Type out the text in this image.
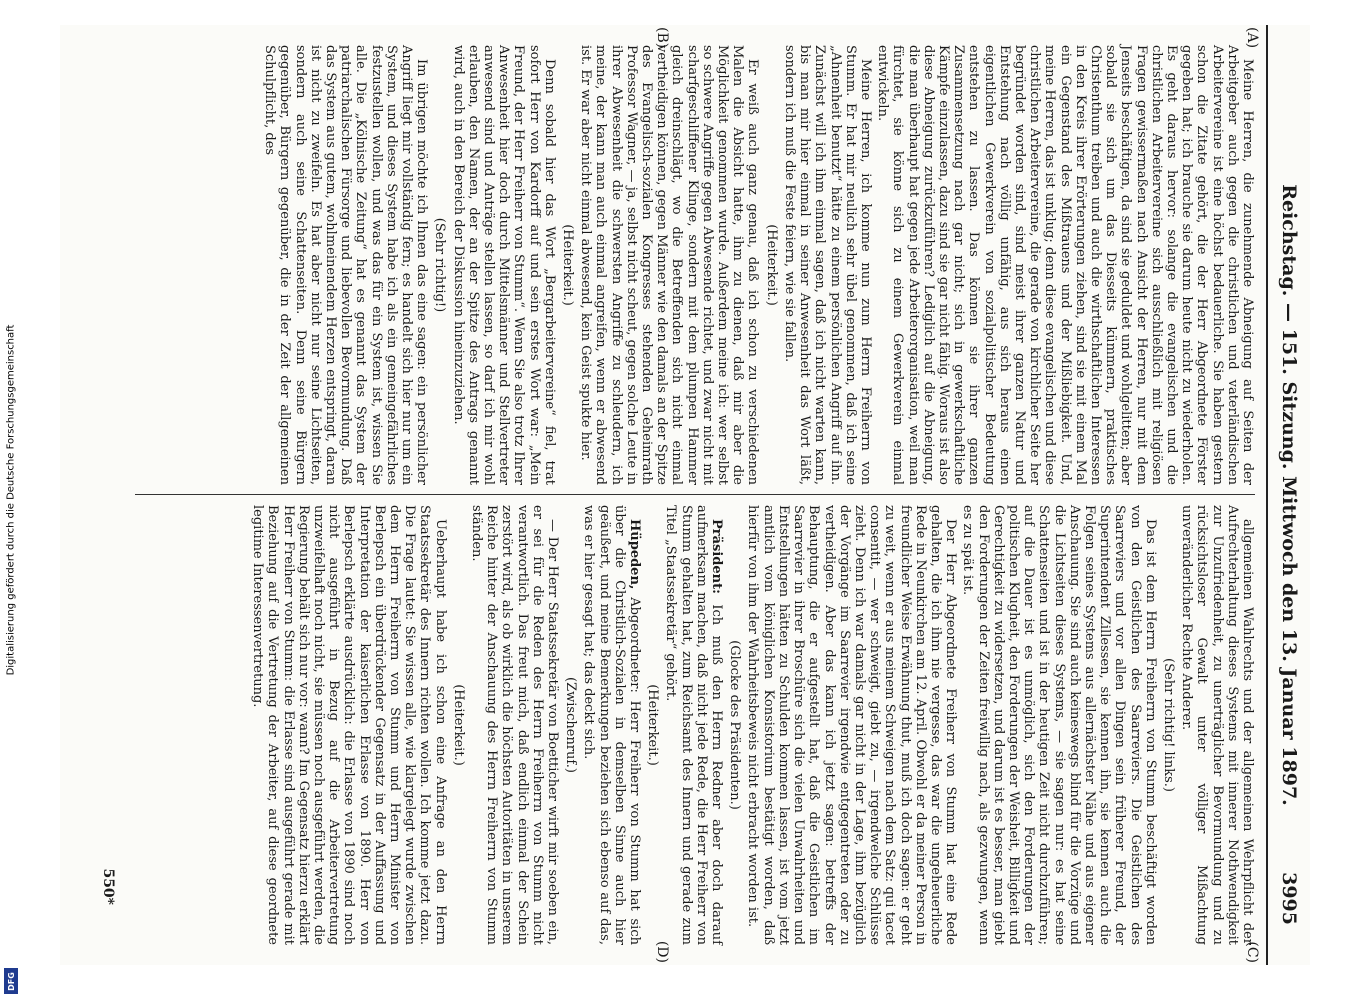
Digitalisierung gefördert durch die Deutsche Forschungsgemeinschaft
DFG
Reichstag. — 151. Sitzung. Mittwoch den 13. Januar 1897.
3995
(A)
(B)
(C)
(D)

Meine Herren, die zunehmende Abneigung auf Seiten der Arbeitgeber auch gegen die christlichen und vaterländischen Arbeitervereine ist eine höchst bedauerliche. Sie haben gestern schon die Zitate gehört, die der Herr Abgeordnete Förster gegeben hat; ich brauche sie darum heute nicht zu wiederholen. Es geht daraus hervor: solange die evangelischen und die christlichen Arbeitervereine sich ausschließlich mit religiösen Fragen gewissermaßen nach Ansicht der Herren, nur mit dem Jenseits beschäftigen, da sind sie geduldet und wohlgelitten; aber sobald sie sich um das Diesseits kümmern, praktisches Christenthum treiben und auch die wirthschaftlichen Interessen in den Kreis ihrer Erörterungen ziehen, sind sie mit einem Mal ein Gegenstand des Mißtrauens und der Mißliebigkeit. Und, meine Herren, das ist unklug; denn diese evangelischen und diese christlichen Arbeitervereine, die gerade von kirchlicher Seite her begründet worden sind, sind meist ihrer ganzen Natur und Entstehung nach völlig unfähig, aus sich heraus einen eigentlichen Gewerkverein von sozialpolitischer Bedeutung entstehen zu lassen. Das können sie ihrer ganzen Zusammensetzung nach gar nicht; sich in gewerkschaftliche Kämpfe einzulassen, dazu sind sie gar nicht fähig. Woraus ist also diese Abneigung zurückzuführen? Lediglich auf die Abneigung, die man überhaupt hat gegen jede Arbeiterorganisation, weil man fürchtet, sie könne sich zu einem Gewerkverein einmal entwickeln.

Meine Herren, ich komme nun zum Herrn Freiherrn von Stumm. Er hat mir neulich sehr übel genommen, daß ich seine „Ahnenheit benutzt“ hätte zu einem persönlichen Angriff auf ihn. Zunächst will ich ihm einmal sagen, daß ich nicht warten kann, bis man mir hier einmal in seiner Anwesenheit das Wort läßt, sondern ich muß die Feste feiern, wie sie fallen.

(Heiterkeit.)

Er weiß auch ganz genau, daß ich schon zu verschiedenen Malen die Absicht hatte, ihm zu dienen, daß mir aber die Möglichkeit genommen wurde. Außerdem meine ich: wer selbst so schwere Angriffe gegen Abwesende richtet, und zwar nicht mit scharfgeschliffener Klinge, sondern mit dem plumpen Hammer gleich dreinschlägt, wo die Betreffenden sich nicht einmal vertheidigen können, gegen Männer wie den damals an der Spitze des Evangelisch-sozialen Kongresses stehenden Geheimrath Professor Wagner, — ja, selbst nicht scheut, gegen solche Leute in ihrer Abwesenheit die schwersten Angriffe zu schleudern, ich meine, der kann man auch einmal angreifen, wenn er abwesend ist. Er war aber nicht einmal abwesend, kein Geist spukte hier.

(Heiterkeit.)

Denn sobald hier das Wort „Bergarbeitervereine“ fiel, trat sofort Herr von Kardorff auf und sein erstes Wort war: „Mein Freund, der Herr Freiherr von Stumm“. Wenn Sie also trotz Ihrer Anwesenheit hier doch durch Mittelsmänner und Stellvertreter anwesend sind und Anträge stellen lassen, so darf ich mir wohl erlauben, den Namen, der an der Spitze des Antrags genannt wird, auch in den Bereich der Diskussion hineinzuziehen.

(Sehr richtig!)

Im übrigen möchte ich Ihnen das eine sagen: ein persönlicher Angriff liegt mir vollständig fern; es handelt sich hier nur um ein System, und dieses System habe ich als ein gemeingefährliches festzustellen wollen, und was das für ein System ist, wissen Sie alle. Die „Kölnische Zeitung“ hat es genannt das System der patriarchalischen Fürsorge und liebevollen Bevormundung. Daß das System aus gutem, wohlmeinendem Herzen entspringt, daran ist nicht zu zweifeln. Es hat aber nicht nur seine Lichtseiten, sondern auch seine Schattenseiten. Denn seine Bürgern gegenüber, Bürgern gegenüber, die in der Zeit der allgemeinen Schulpflicht, des

allgemeinen Wahlrechts und der allgemeinen Wehrpflicht der Aufrechterhaltung dieses Systems mit innerer Nothwendigkeit zur Unzufriedenheit, zu unerträglicher Bevormundung und zu rücksichtsloser Gewalt unter völliger Mißachtung unveränderlicher Rechte Anderer.

(Sehr richtig! links.)

Das ist dem Herrn Freiherrn von Stumm beschäftigt worden von den Geistlichen des Saarreviers. Die Geistlichen des Saarreviers und vor allen Dingen sein früherer Freund, der Superintendent Zillessen, sie kennen ihn, sie kennen auch die Folgen seines Systems aus allernächster Nähe und aus eigener Anschauung. Sie sind auch keineswegs blind für die Vorzüge und die Lichtseiten dieses Systems, — sie sagen nur: es hat seine Schattenseiten und ist in der heutigen Zeit nicht durchzuführen; auf die Dauer ist es unmöglich, sich den Forderungen der politischen Klugheit, den Forderungen der Weisheit, Billigkeit und Gerechtigkeit zu widersetzen, und darum ist es besser, man giebt den Forderungen der Zeiten freiwillig nach, als gezwungen, wenn es zu spät ist.

Der Herr Abgeordnete Freiherr von Stumm hat eine Rede gehalten, die ich ihm nie vergesse, das war die ungeheuerliche Rede in Neunkirchen am 12. April. Obwohl er da meiner Person in freundlicher Weise Erwähnung thut, muß ich doch sagen: er geht zu weit, wenn er aus meinem Schweigen nach dem Satz: qui tacet consentit, — wer schweigt, giebt zu, — irgendwelche Schlüsse zieht. Denn ich war damals gar nicht in der Lage, ihm bezüglich der Vorgänge im Saarrevier irgendwie entgegentreten oder zu vertheidigen. Aber das kann ich jetzt sagen: betreffs der Behauptung, die er aufgestellt hat, daß die Geistlichen im Saarrevier in ihrer Broschüre sich die vielen Unwahrheiten und Entstellungen hätten zu Schulden kommen lassen, ist vom jetzt amtlich vom königlichen Konsistorium bestätigt worden, daß hierfür von ihm der Wahrheitsbeweis nicht erbracht worden ist.

(Glocke des Präsidenten.)

Präsident: Ich muß den Herrn Redner aber doch darauf aufmerksam machen, daß nicht jede Rede, die Herr Freiherr von Stumm gehalten hat, zum Reichsamt des Innern und gerade zum Titel „Staatssekretär“ gehört.

(Heiterkeit.)

Hüpeden, Abgeordneter: Herr Freiherr von Stumm hat sich über die Christlich-Sozialen in demselben Sinne auch hier geäußert, und meine Bemerkungen beziehen sich ebenso auf das, was er hier gesagt hat; das deckt sich.

(Zwischenruf.)

— Der Herr Staatssekretär von Boetticher wirft mir soeben ein, er sei für die Reden des Herrn Freiherrn von Stumm nicht verantwortlich. Das freut mich, daß endlich einmal der Schein zerstört wird, als ob wirklich die höchsten Autoritäten in unserem Reiche hinter der Anschauung des Herrn Freiherrn von Stumm ständen.

(Heiterkeit.)

Ueberhaupt habe ich schon eine Anfrage an den Herrn Staatssekretär des Innern richten wollen. Ich komme jetzt dazu. Die Frage lautet: Sie wissen alle, wie klargelegt wurde zwischen dem Herrn Freiherrn von Stumm und Herrn Minister von Berlepsch ein überdrückender Gegensatz in der Auffassung und Interpretation der kaiserlichen Erlasse von 1890. Herr von Berlepsch erklärte ausdrücklich: die Erlasse von 1890 sind noch nicht ausgeführt in Bezug auf die Arbeitervertretung unzweifelhaft noch nicht, sie müssen noch ausgeführt werden, die Regierung behält sich nur vor: wann? Im Gegensatz hierzu erklärt Herr Freiherr von Stumm: die Erlasse sind ausgeführt gerade mit Beziehung auf die Vertretung der Arbeiter, auf diese geordnete legitime Interessenvertretung.

550*
